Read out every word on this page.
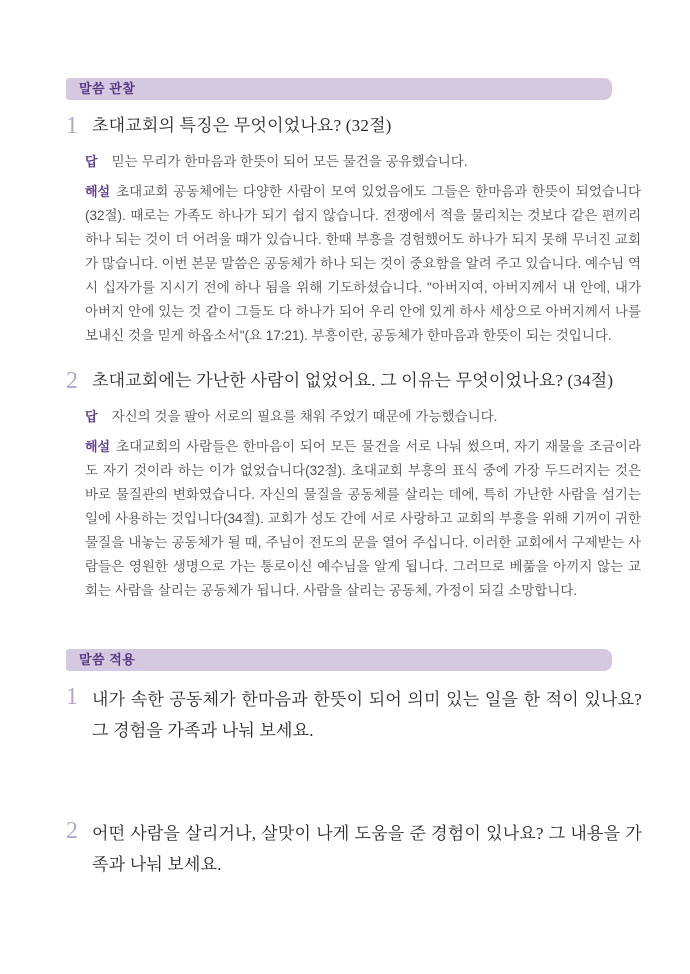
말씀 관찰
1 초대교회의 특징은 무엇이었나요? (32절)

답 믿는 무리가 한마음과 한뜻이 되어 모든 물건을 공유했습니다.

해설 초대교회 공동체에는 다양한 사람이 모여 있었음에도 그들은 한마음과 한뜻이 되었습니다(32절). 때로는 가족도 하나가 되기 쉽지 않습니다. 전쟁에서 적을 물리치는 것보다 같은 편끼리 하나 되는 것이 더 어려울 때가 있습니다. 한때 부흥을 경험했어도 하나가 되지 못해 무너진 교회가 많습니다. 이번 본문 말씀은 공동체가 하나 되는 것이 중요함을 알려 주고 있습니다. 예수님 역시 십자가를 지시기 전에 하나 됨을 위해 기도하셨습니다. "아버지여, 아버지께서 내 안에, 내가 아버지 안에 있는 것 같이 그들도 다 하나가 되어 우리 안에 있게 하사 세상으로 아버지께서 나를 보내신 것을 믿게 하옵소서"(요 17:21). 부흥이란, 공동체가 한마음과 한뜻이 되는 것입니다.

2 초대교회에는 가난한 사람이 없었어요. 그 이유는 무엇이었나요? (34절)

답 자신의 것을 팔아 서로의 필요를 채워 주었기 때문에 가능했습니다.

해설 초대교회의 사람들은 한마음이 되어 모든 물건을 서로 나눠 썼으며, 자기 재물을 조금이라도 자기 것이라 하는 이가 없었습니다(32절). 초대교회 부흥의 표식 중에 가장 두드러지는 것은 바로 물질관의 변화였습니다. 자신의 물질을 공동체를 살리는 데에, 특히 가난한 사람을 섬기는 일에 사용하는 것입니다(34절). 교회가 성도 간에 서로 사랑하고 교회의 부흥을 위해 기꺼이 귀한 물질을 내놓는 공동체가 될 때, 주님이 전도의 문을 열어 주십니다. 이러한 교회에서 구제받는 사람들은 영원한 생명으로 가는 통로이신 예수님을 알게 됩니다. 그러므로 베풂을 아끼지 않는 교회는 사람을 살리는 공동체가 됩니다. 사람을 살리는 공동체, 가정이 되길 소망합니다.

말씀 적용
1 내가 속한 공동체가 한마음과 한뜻이 되어 의미 있는 일을 한 적이 있나요? 그 경험을 가족과 나눠 보세요.
2 어떤 사람을 살리거나, 살맛이 나게 도움을 준 경험이 있나요? 그 내용을 가족과 나눠 보세요.
